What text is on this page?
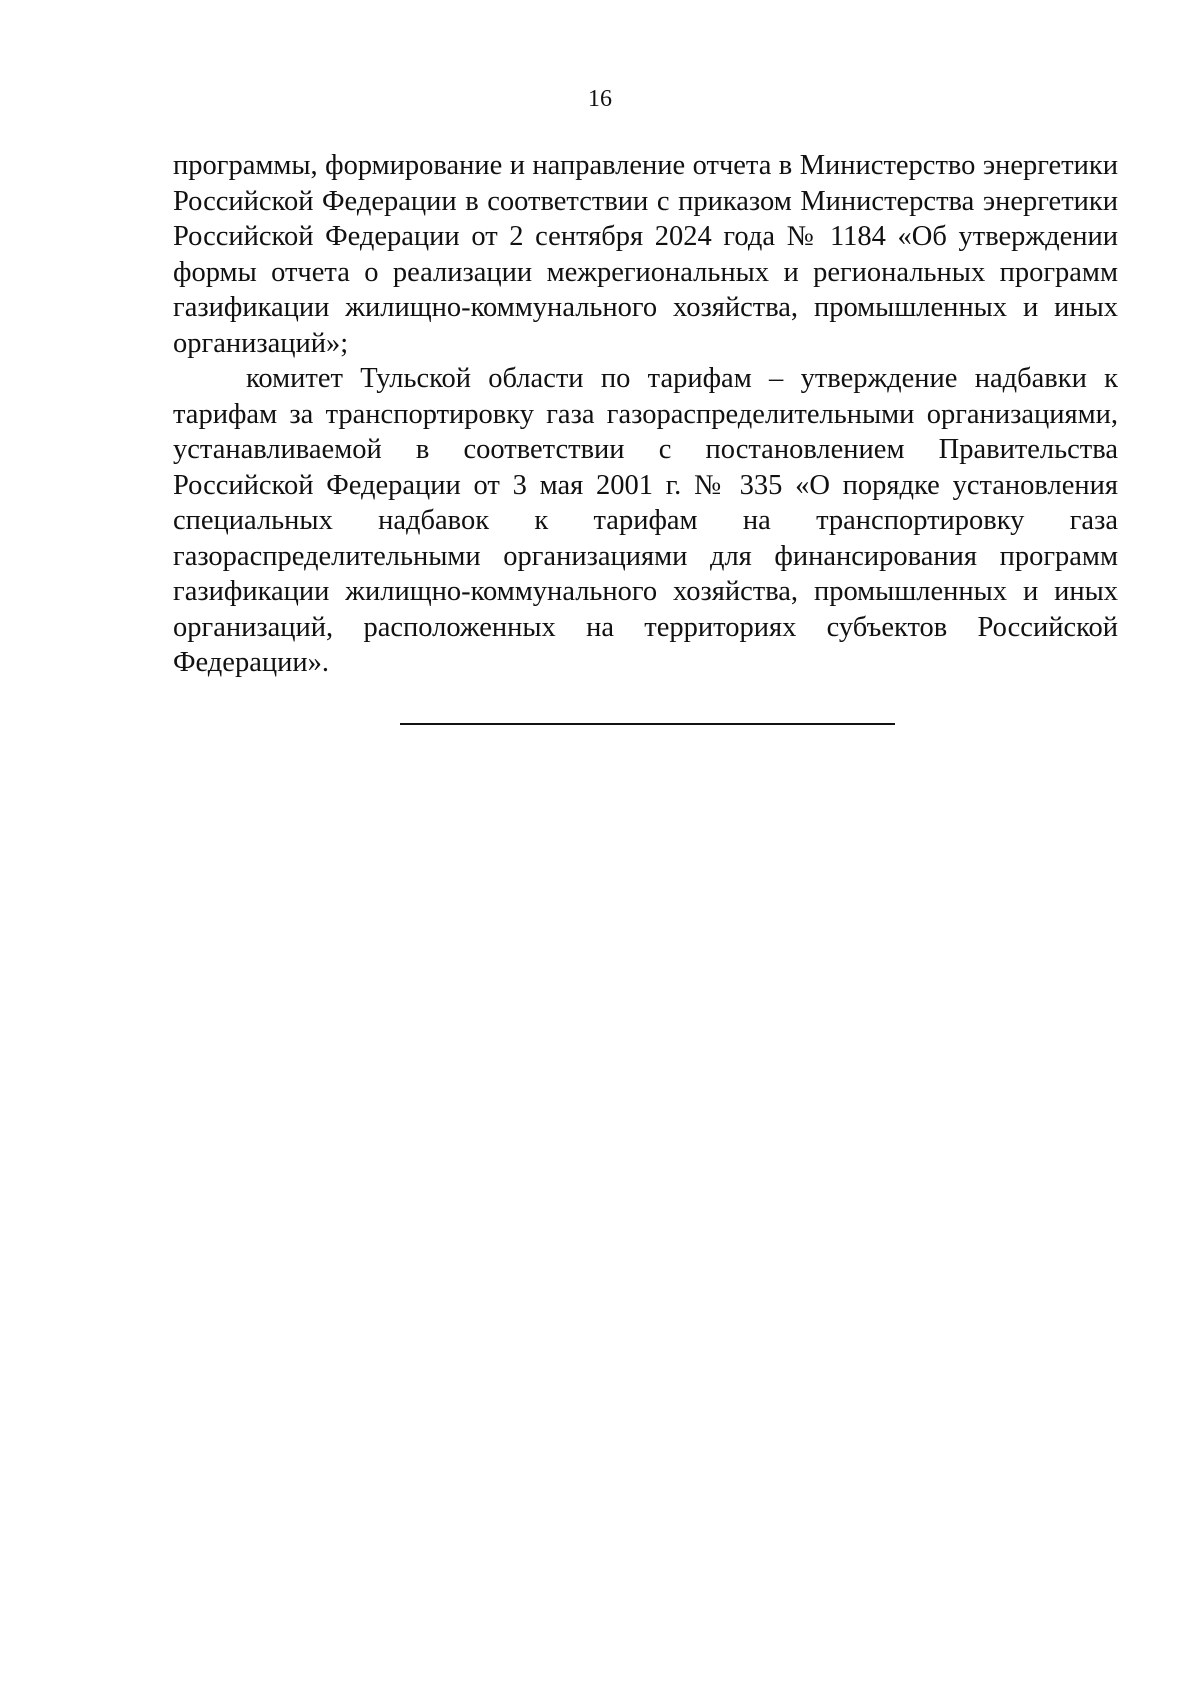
16

программы, формирование и направление отчета в Министерство энергетики Российской Федерации в соответствии с приказом Министерства энергетики Российской Федерации от 2 сентября 2024 года № 1184 «Об утверждении формы отчета о реализации межрегиональных и региональных программ газификации жилищно-коммунального хозяйства, промышленных и иных организаций»;

комитет Тульской области по тарифам – утверждение надбавки к тарифам за транспортировку газа газораспределительными организациями, устанавливаемой в соответствии с постановлением Правительства Российской Федерации от 3 мая 2001 г. № 335 «О порядке установления специальных надбавок к тарифам на транспортировку газа газораспределительными организациями для финансирования программ газификации жилищно-коммунального хозяйства, промышленных и иных организаций, расположенных на территориях субъектов Российской Федерации».
